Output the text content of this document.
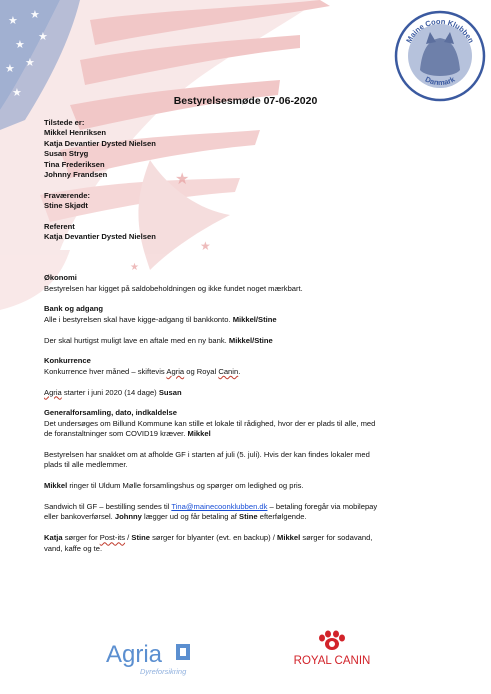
★ ★
★
★
★ ★
★
★
★
★
Maine Coon Klubben
Danmark
Bestyrelsesmøde 07-06-2020

Tilstede er:

Mikkel Henriksen

Katja Devantier Dysted Nielsen

Susan Stryg

Tina Frederiksen

Johnny Frandsen

Fraværende:

Stine Skjødt

Referent

Katja Devantier Dysted Nielsen

Økonomi

Bestyrelsen har kigget på saldobeholdningen og ikke fundet noget mærkbart.

Bank og adgang

Alle i bestyrelsen skal have kigge-adgang til bankkonto. Mikkel/Stine

Der skal hurtigst muligt lave en aftale med en ny bank. Mikkel/Stine

Konkurrence

Konkurrence hver måned – skiftevis Agria og Royal Canin.

Agria starter i juni 2020 (14 dage) Susan

Generalforsamling, dato, indkaldelse

Det undersøges om Billund Kommune kan stille et lokale til rådighed, hvor der er plads til alle, med

de foranstaltninger som COVID19 kræver. Mikkel

Bestyrelsen har snakket om at afholde GF i starten af juli (5. juli). Hvis der kan findes lokaler med

plads til alle medlemmer.

Mikkel ringer til Uldum Mølle forsamlingshus og spørger om ledighed og pris.

Sandwich til GF – bestilling sendes til Tina@mainecoonklubben.dk – betaling foregår via mobilepay

eller bankoverførsel. Johnny lægger ud og får betaling af Stine efterfølgende.

Katja sørger for Post-its / Stine sørger for blyanter (evt. en backup) / Mikkel sørger for sodavand,

vand, kaffe og te.

Agria
Dyreforsikring
ROYAL CANIN
